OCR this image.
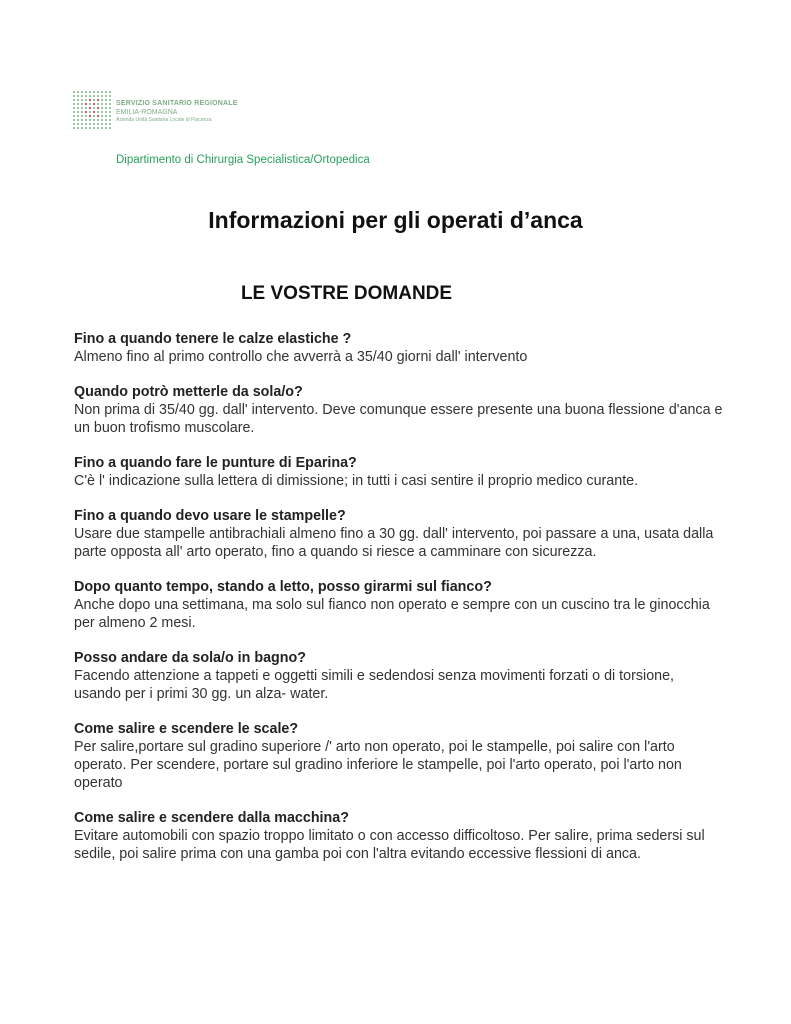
SERVIZIO SANITARIO REGIONALE
EMILIA-ROMAGNA
Azienda Unità Sanitaria Locale di Piacenza
Dipartimento di Chirurgia Specialistica/Ortopedica
Informazioni per gli operati d’anca
LE VOSTRE DOMANDE
Fino a quando tenere le calze elastiche ?
Almeno fino al primo controllo che avverrà a 35/40 giorni dall' intervento
Quando potrò metterle da sola/o?
Non prima di 35/40 gg. dall' intervento. Deve comunque essere presente una buona flessione d'anca e un buon trofismo muscolare.
Fino a quando fare le punture di Eparina?
C'è l' indicazione sulla lettera di dimissione; in tutti i casi sentire il proprio medico curante.
Fino a quando devo usare le stampelle?
Usare due stampelle antibrachiali almeno fino a 30 gg. dall' intervento, poi passare a una, usata dalla parte opposta all' arto operato, fino a quando si riesce a camminare con sicurezza.
Dopo quanto tempo, stando a letto, posso girarmi sul fianco?
Anche dopo una settimana, ma solo sul fianco non operato e sempre con un cuscino tra le ginocchia per almeno 2 mesi.
Posso andare da sola/o in bagno?
Facendo attenzione a tappeti e oggetti simili e sedendosi senza movimenti forzati o di torsione, usando per i primi 30 gg. un alza- water.
Come salire e scendere le scale?
Per salire,portare sul gradino superiore /' arto non operato, poi le stampelle, poi salire con l'arto operato. Per scendere, portare sul gradino inferiore le stampelle, poi l'arto operato, poi l'arto non operato
Come salire e scendere dalla macchina?
Evitare automobili con spazio troppo limitato o con accesso difficoltoso. Per salire, prima sedersi sul sedile, poi salire prima con una gamba poi con l'altra evitando eccessive flessioni di anca.
